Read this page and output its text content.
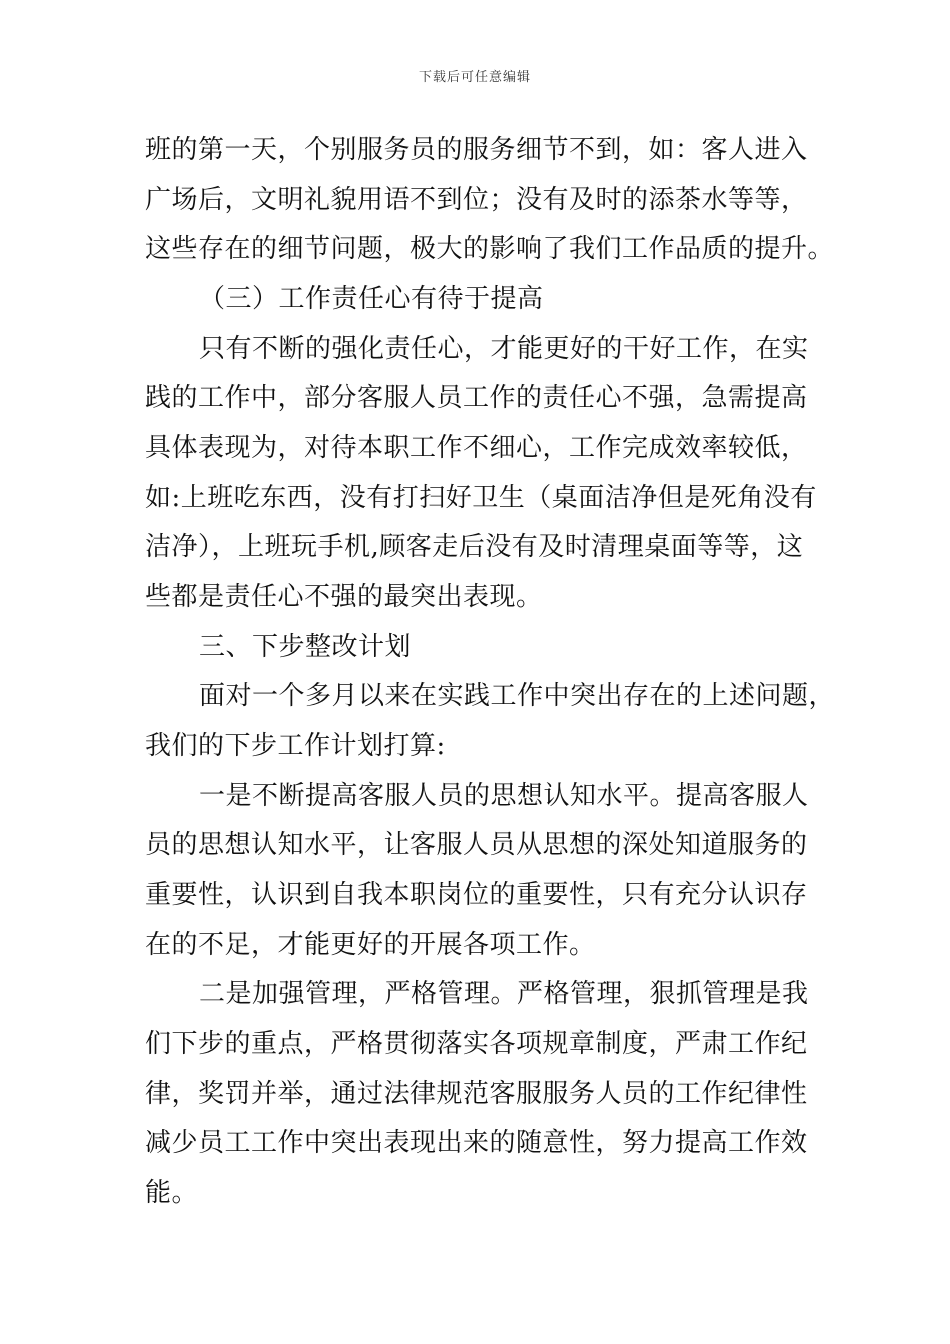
下载后可任意编辑
班的第一天，个别服务员的服务细节不到，如：客人进入
广场后，文明礼貌用语不到位；没有及时的添茶水等等，
这些存在的细节问题，极大的影响了我们工作品质的提升。
（三）工作责任心有待于提高
只有不断的强化责任心，才能更好的干好工作，在实
践的工作中，部分客服人员工作的责任心不强，急需提高
具体表现为，对待本职工作不细心，工作完成效率较低，
如:上班吃东西，没有打扫好卫生（桌面洁净但是死角没有
洁净），上班玩手机,顾客走后没有及时清理桌面等等，这
些都是责任心不强的最突出表现。
三、下步整改计划
面对一个多月以来在实践工作中突出存在的上述问题，
我们的下步工作计划打算:
一是不断提高客服人员的思想认知水平。提高客服人
员的思想认知水平，让客服人员从思想的深处知道服务的
重要性，认识到自我本职岗位的重要性，只有充分认识存
在的不足，才能更好的开展各项工作。
二是加强管理，严格管理。严格管理，狠抓管理是我
们下步的重点，严格贯彻落实各项规章制度，严肃工作纪
律，奖罚并举，通过法律规范客服服务人员的工作纪律性
减少员工工作中突出表现出来的随意性，努力提高工作效
能。
